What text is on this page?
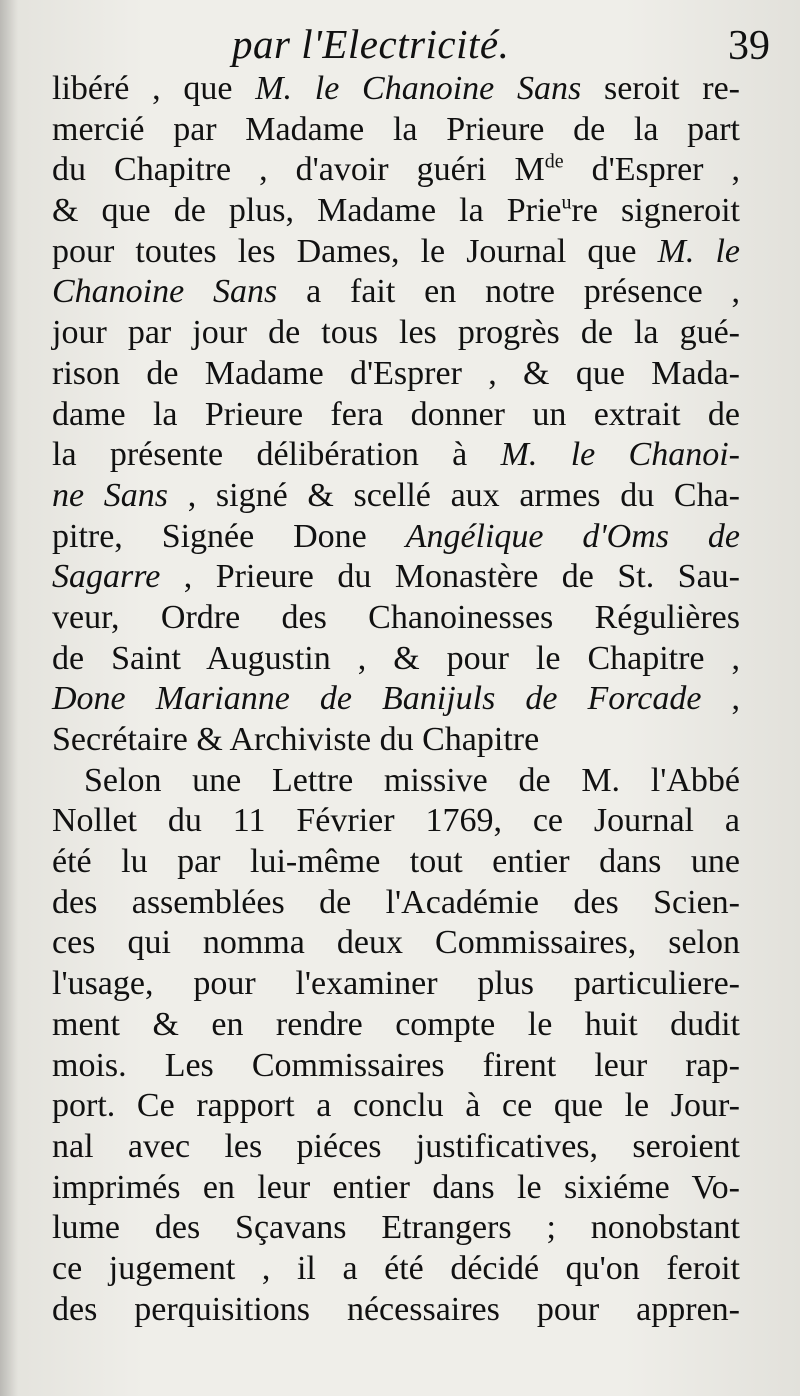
par l'Electricité.	39
libéré , que M. le Chanoine Sans seroit re-
mercié par Madame la Prieure de la part
du Chapitre , d'avoir guéri Mde d'Esprer ,
& que de plus, Madame la Prie$^u$re signeroit
pour toutes les Dames, le Journal que M. le
Chanoine Sans a fait en notre présence ,
jour par jour de tous les progrès de la gué-
rison de Madame d'Esprer , & que Mada-
dame la Prieure fera donner un extrait de
la présente délibération à M. le Chanoi-
ne Sans , signé & scellé aux armes du Cha-
pitre, Signée Done Angélique d'Oms de
Sagarre , Prieure du Monastère de St. Sau-
veur, Ordre des Chanoinesses Régulières
de Saint Augustin , & pour le Chapitre ,
Done Marianne de Banijuls de Forcade ,
Secrétaire & Archiviste du Chapitre
Selon une Lettre missive de M. l'Abbé
Nollet du 11 Février 1769, ce Journal a
été lu par lui-même tout entier dans une
des assemblées de l'Académie des Scien-
ces qui nomma deux Commissaires, selon
l'usage, pour l'examiner plus particuliere-
ment & en rendre compte le huit dudit
mois. Les Commissaires firent leur rap-
port. Ce rapport a conclu à ce que le Jour-
nal avec les piéces justificatives, seroient
imprimés en leur entier dans le sixiéme Vo-
lume des Sçavans Etrangers ; nonobstant
ce jugement , il a été décidé qu'on feroit
des perquisitions nécessaires pour appren-
